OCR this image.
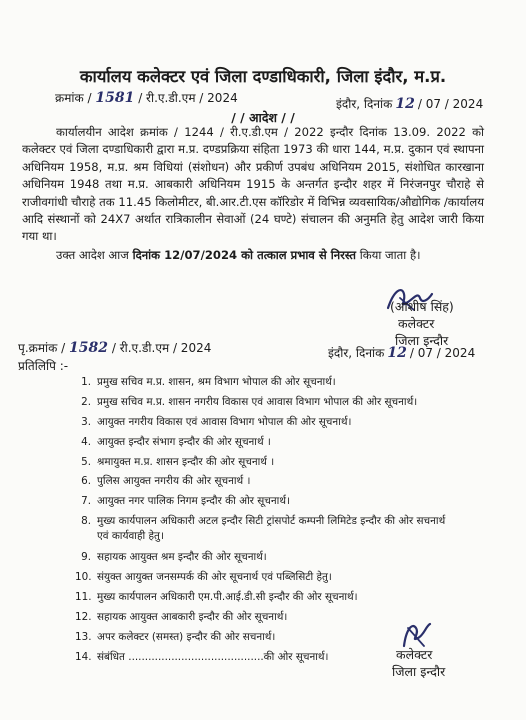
कार्यालय कलेक्टर एवं जिला दण्डाधिकारी, जिला इंदौर, म.प्र.
क्रमांक / 1581 / री.ए.डी.एम / 2024	इंदौर, दिनांक 12 / 07 / 2024
/ / आदेश / /
कार्यालयीन आदेश क्रमांक / 1244 / री.ए.डी.एम / 2022 इन्दौर दिनांक 13.09. 2022 को कलेक्टर एवं जिला दण्डाधिकारी द्वारा म.प्र. दण्डप्रक्रिया संहिता 1973 की धारा 144, म.प्र. दुकान एवं स्थापना अधिनियम 1958, म.प्र. श्रम विधियां (संशोधन) और प्रकीर्ण उपबंध अधिनियम 2015, संशोधित कारखाना अधिनियम 1948 तथा म.प्र. आबकारी अधिनियम 1915 के अन्तर्गत इन्दौर शहर में निरंजनपुर चौराहे से राजीवगांधी चौराहे तक 11.45 किलोमीटर, बी.आर.टी.एस कॉरिडोर में विभिन्न व्यवसायिक/औद्योगिक /कार्यालय आदि संस्थानों को 24X7 अर्थात रात्रिकालीन सेवाओं (24 घण्टे) संचालन की अनुमति हेतु आदेश जारी किया गया था।
उक्त आदेश आज दिनांक 12/07/2024 को तत्काल प्रभाव से निरस्त किया जाता है।
(आशीष सिंह)
कलेक्टर
जिला इन्दौर
पृ.क्रमांक / 1582 / री.ए.डी.एम / 2024	इंदौर, दिनांक 12 / 07 / 2024
प्रतिलिपि :-
1. प्रमुख सचिव म.प्र. शासन, श्रम विभाग भोपाल की ओर सूचनार्थ।
2. प्रमुख सचिव म.प्र. शासन नगरीय विकास एवं आवास विभाग भोपाल की ओर सूचनार्थ।
3. आयुक्त नगरीय विकास एवं आवास विभाग भोपाल की ओर सूचनार्थ।
4. आयुक्त इन्दौर संभाग इन्दौर की ओर सूचनार्थ ।
5. श्रमायुक्त म.प्र. शासन इन्दौर की ओर सूचनार्थ ।
6. पुलिस आयुक्त नगरीय की ओर सूचनार्थ ।
7. आयुक्त नगर पालिक निगम इन्दौर की ओर सूचनार्थ।
8. मुख्य कार्यपालन अधिकारी अटल इन्दौर सिटी ट्रांसपोर्ट कम्पनी लिमिटेड इन्दौर की ओर सचनार्थ
एवं कार्यवाही हेतु।
9. सहायक आयुक्त श्रम इन्दौर की ओर सूचनार्थ।
10. संयुक्त आयुक्त जनसम्पर्क की ओर सूचनार्थ एवं पब्लिसिटी हेतु।
11. मुख्य कार्यपालन अधिकारी एम.पी.आई.डी.सी इन्दौर की ओर सूचनार्थ।
12. सहायक आयुक्त आबकारी इन्दौर की ओर सूचनार्थ।
13. अपर कलेक्टर (समस्त) इन्दौर की ओर सचनार्थ।
14. संबंधित .........................................की ओर सूचनार्थ।	कलेक्टर
जिला इन्दौर
